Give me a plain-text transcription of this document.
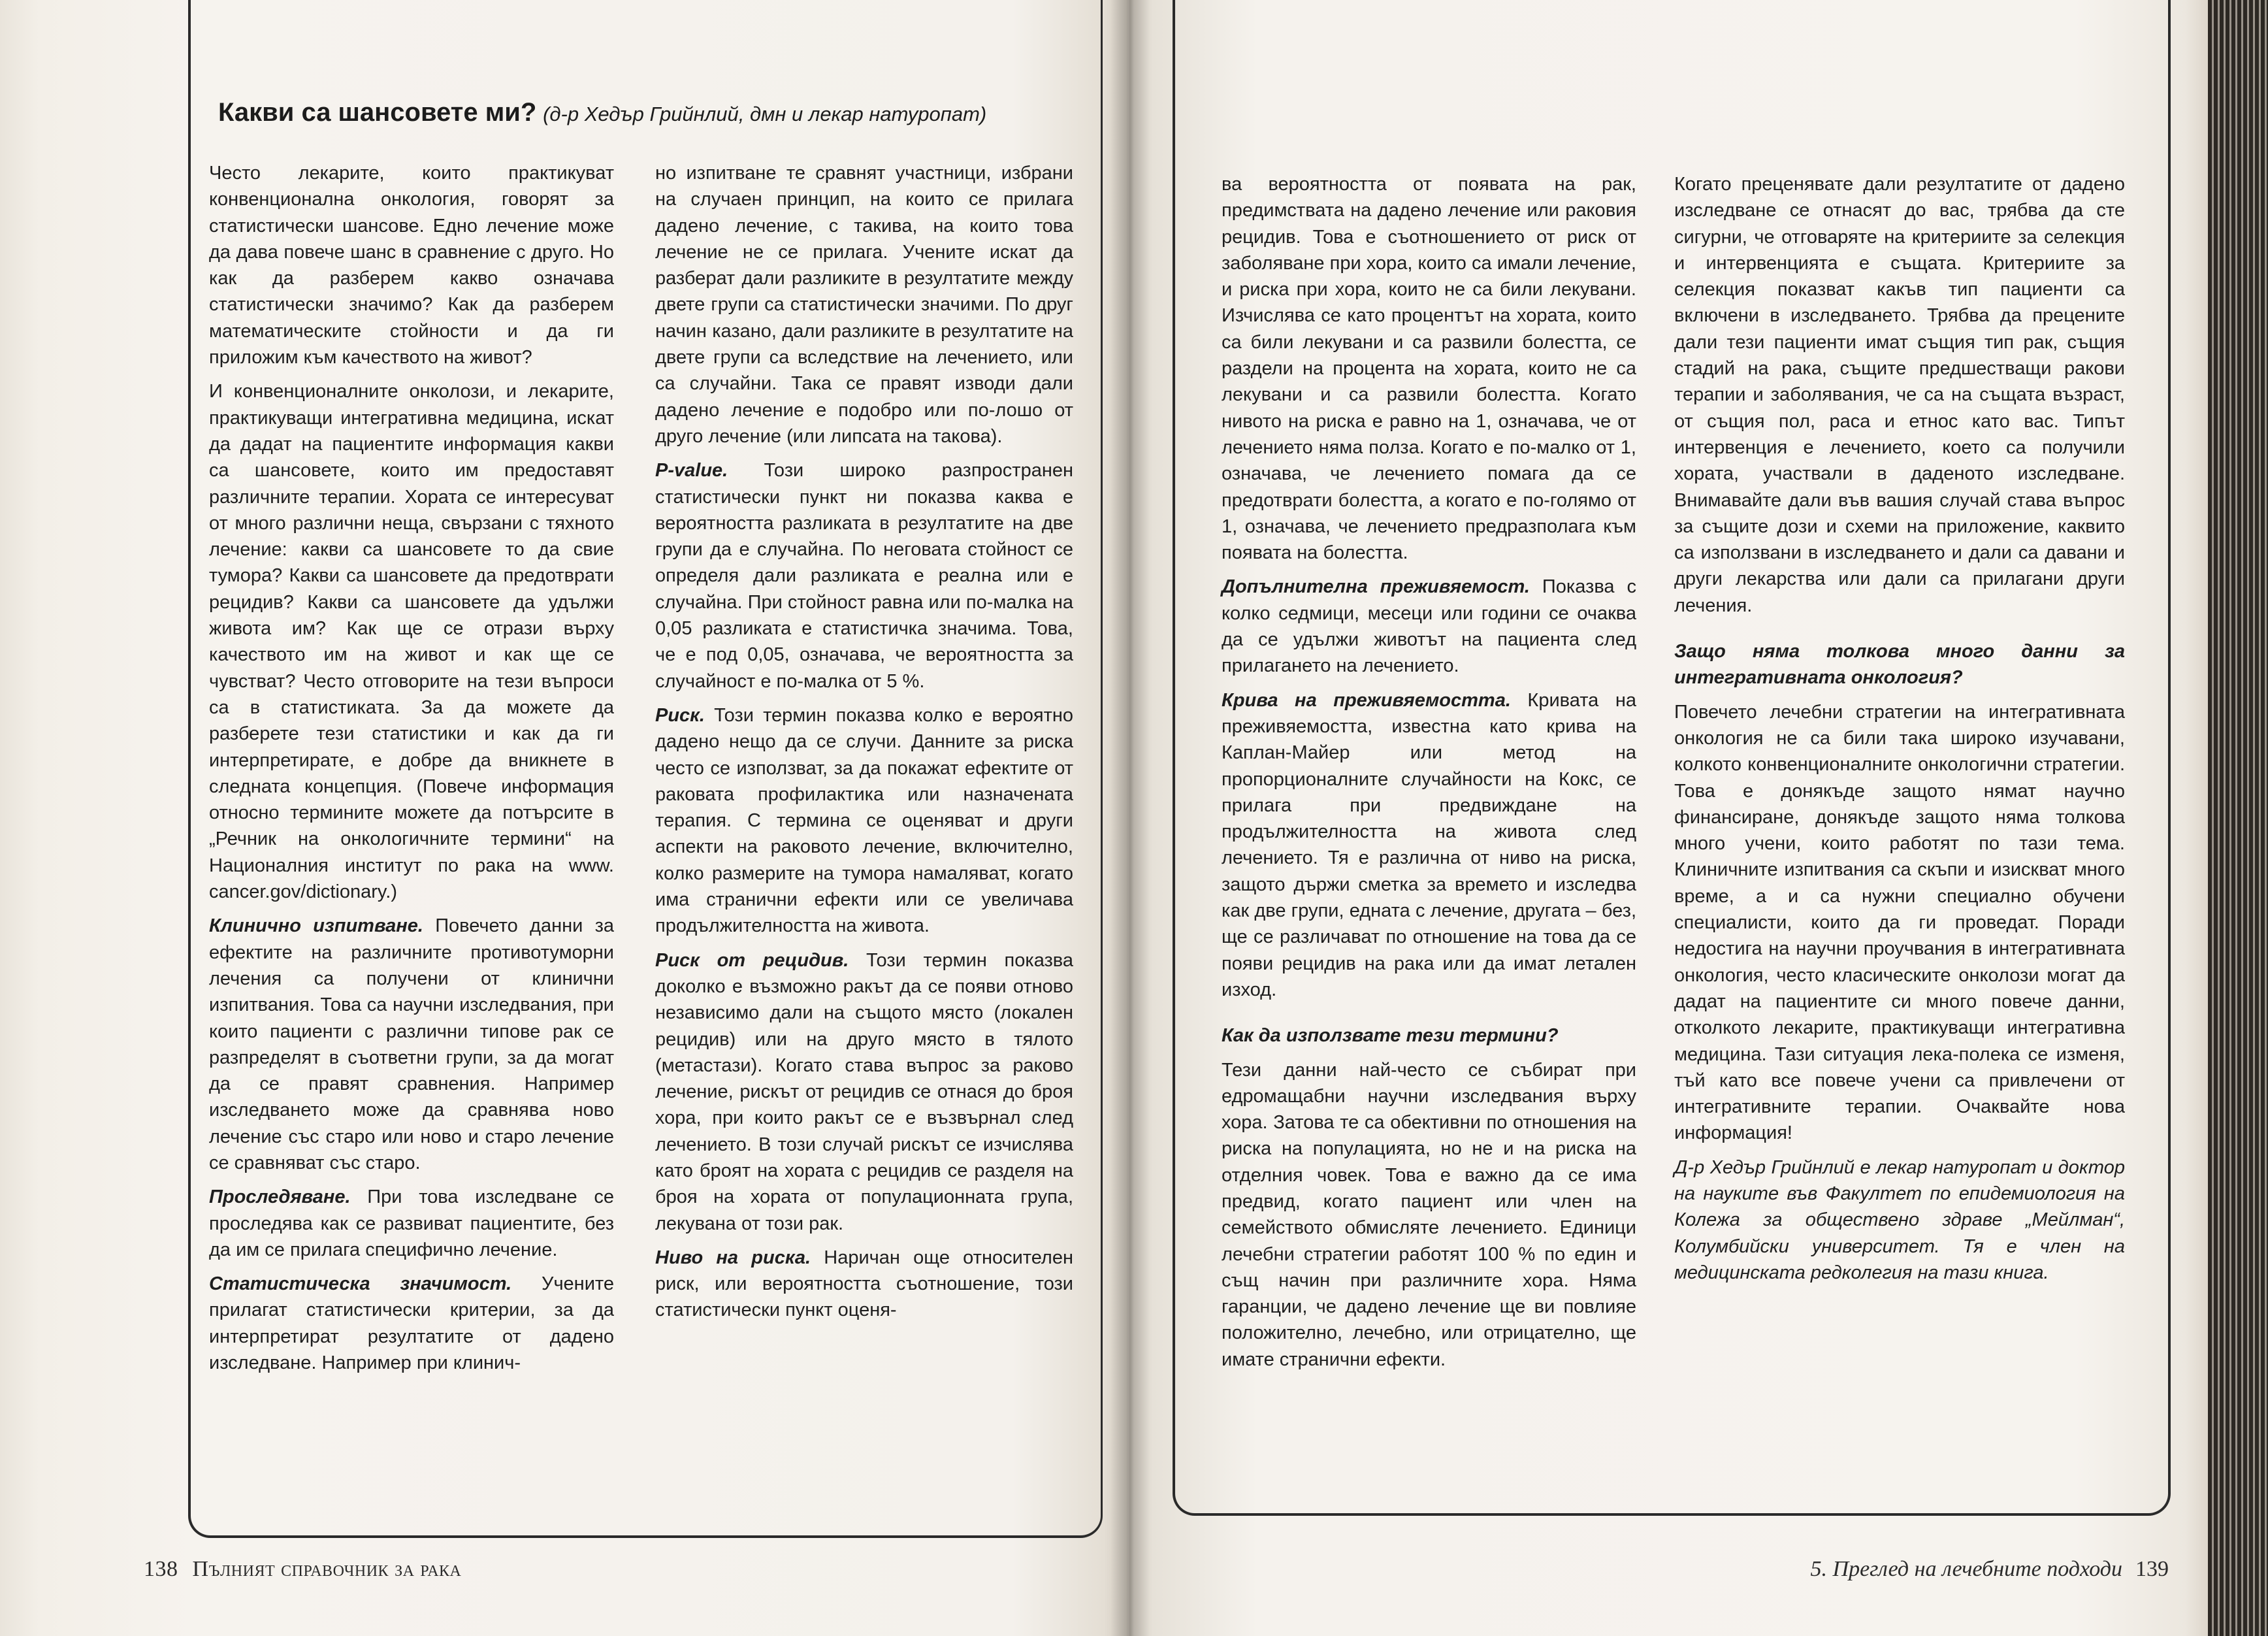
Какви са шансовете ми? (д-р Хедър Грийнлий, дмн и лекар натуропат)

Често лекарите, които практикуват конвенционална онкология, говорят за статистически шансове. Едно лечение може да дава повече шанс в сравнение с друго. Но как да разберем какво означава статистически значимо? Как да разберем математическите стойности и да ги приложим към качеството на живот?

И конвенционалните онколози, и лекарите, практикуващи интегративна медицина, искат да дадат на пациентите информация какви са шансовете, които им предоставят различните терапии. Хората се интересуват от много различни неща, свързани с тяхното лечение: какви са шансовете то да свие тумора? Какви са шансовете да предотврати рецидив? Какви са шансовете да удължи живота им? Как ще се отрази върху качеството им на живот и как ще се чувстват? Често отговорите на тези въпроси са в статистиката. За да можете да разберете тези статистики и как да ги интерпретирате, е добре да вникнете в следната концепция. (Повече информация относно термините можете да потърсите в „Речник на онкологичните термини“ на Националния институт по рака на www. cancer.gov/dictionary.)

Клинично изпитване. Повечето данни за ефектите на различните противотуморни лечения са получени от клинични изпитвания. Това са научни изследвания, при които пациенти с различни типове рак се разпределят в съответни групи, за да могат да се правят сравнения. Например изследването може да сравнява ново лечение със старо или ново и старо лечение се сравняват със старо.

Проследяване. При това изследване се проследява как се развиват пациентите, без да им се прилага специфично лечение.

Статистическа значимост. Учените прилагат статистически критерии, за да интерпретират резултатите от дадено изследване. Например при клинич-

но изпитване те сравнят участници, избрани на случаен принцип, на които се прилага дадено лечение, с такива, на които това лечение не се прилага. Учените искат да разберат дали разликите в резултатите между двете групи са статистически значими. По друг начин казано, дали разликите в резултатите на двете групи са вследствие на лечението, или са случайни. Така се правят изводи дали дадено лечение е подобро или по-лошо от друго лечение (или липсата на такова).

P-value. Този широко разпространен статистически пункт ни показва каква е вероятността разликата в резултатите на две групи да е случайна. По неговата стойност се определя дали разликата е реална или е случайна. При стойност равна или по-малка на 0,05 разликата е статистичка значима. Това, че е под 0,05, означава, че вероятността за случайност е по-малка от 5 %.

Риск. Този термин показва колко е вероятно дадено нещо да се случи. Данните за риска често се използват, за да покажат ефектите от раковата профилактика или назначената терапия. С термина се оценяват и други аспекти на раковото лечение, включително, колко размерите на тумора намаляват, когато има странични ефекти или се увеличава продължителността на живота.

Риск от рецидив. Този термин показва доколко е възможно ракът да се появи отново независимо дали на същото място (локален рецидив) или на друго място в тялото (метастази). Когато става въпрос за раково лечение, рискът от рецидив се отнася до броя хора, при които ракът се е възвърнал след лечението. В този случай рискът се изчислява като броят на хората с рецидив се разделя на броя на хората от популационната група, лекувана от този рак.

Ниво на риска. Наричан още относителен риск, или вероятността съотношение, този статистически пункт оценя-

138 Пълният справочник за рака

ва вероятността от появата на рак, предимствата на дадено лечение или раковия рецидив. Това е съотношението от риск от заболяване при хора, които са имали лечение, и риска при хора, които не са били лекувани. Изчислява се като процентът на хората, които са били лекувани и са развили болестта, се раздели на процента на хората, които не са лекувани и са развили болестта. Когато нивото на риска е равно на 1, означава, че от лечението няма полза. Когато е по-малко от 1, означава, че лечението помага да се предотврати болестта, а когато е по-голямо от 1, означава, че лечението предразполага към появата на болестта.

Допълнителна преживяемост. Показва с колко седмици, месеци или години се очаква да се удължи животът на пациента след прилагането на лечението.

Крива на преживяемостта. Кривата на преживяемостта, известна като крива на Каплан-Майер или метод на пропорционалните случайности на Кокс, се прилага при предвиждане на продължителността на живота след лечението. Тя е различна от ниво на риска, защото държи сметка за времето и изследва как две групи, едната с лечение, другата – без, ще се различават по отношение на това да се появи рецидив на рака или да имат летален изход.

Как да използвате тези термини?

Тези данни най-често се събират при едромащабни научни изследвания върху хора. Затова те са обективни по отношения на риска на популацията, но не и на риска на отделния човек. Това е важно да се има предвид, когато пациент или член на семейството обмисляте лечението. Единици лечебни стратегии работят 100 % по един и същ начин при различните хора. Няма гаранции, че дадено лечение ще ви повлияе положително, лечебно, или отрицателно, ще имате странични ефекти.

Когато преценявате дали резултатите от дадено изследване се отнасят до вас, трябва да сте сигурни, че отговаряте на критериите за селекция и интервенцията е същата. Критериите за селекция показват какъв тип пациенти са включени в изследването. Трябва да прецените дали тези пациенти имат същия тип рак, същия стадий на рака, същите предшестващи ракови терапии и заболявания, че са на същата възраст, от същия пол, раса и етнос като вас. Типът интервенция е лечението, което са получили хората, участвали в даденото изследване. Внимавайте дали във вашия случай става въпрос за същите дози и схеми на приложение, каквито са използвани в изследването и дали са давани и други лекарства или дали са прилагани други лечения.

Защо няма толкова много данни за интегративната онкология?

Повечето лечебни стратегии на интегративната онкология не са били така широко изучавани, колкото конвенционалните онкологични стратегии. Това е донякъде защото нямат научно финансиране, донякъде защото няма толкова много учени, които работят по тази тема. Клиничните изпитвания са скъпи и изискват много време, а и са нужни специално обучени специалисти, които да ги проведат. Поради недостига на научни проучвания в интегративната онкология, често класическите онколози могат да дадат на пациентите си много повече данни, отколкото лекарите, практикуващи интегративна медицина. Тази ситуация лека-полека се изменя, тъй като все повече учени са привлечени от интегративните терапии. Очаквайте нова информация!

Д-р Хедър Грийнлий е лекар натуропат и доктор на науките във Факултет по епидемиология на Колежа за обществено здраве „Мейлман“, Колумбийски университет. Тя е член на медицинската редколегия на тази книга.

5. Преглед на лечебните подходи 139
